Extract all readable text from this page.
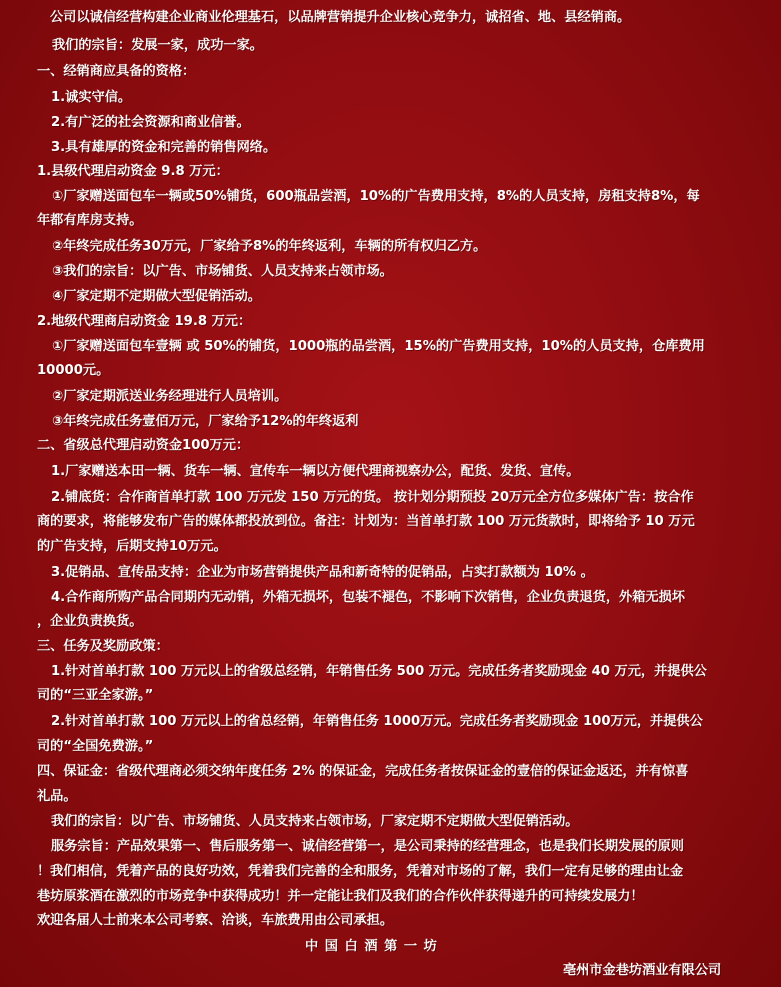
公司以诚信经营构建企业商业伦理基石，以品牌营销提升企业核心竞争力，诚招省、地、县经销商。
我们的宗旨：发展一家，成功一家。
一、经销商应具备的资格：
1.诚实守信。
2.有广泛的社会资源和商业信誉。
3.具有雄厚的资金和完善的销售网络。
1.县级代理启动资金 9.8 万元：
①厂家赠送面包车一辆或50%铺货，600瓶品尝酒，10%的广告费用支持，8%的人员支持，房租支持8%，每
年都有库房支持。
②年终完成任务30万元，厂家给予8%的年终返利，车辆的所有权归乙方。
③我们的宗旨：以广告、市场铺货、人员支持来占领市场。
④厂家定期不定期做大型促销活动。
2.地级代理商启动资金 19.8 万元：
①厂家赠送面包车壹辆 或 50%的铺货，1000瓶的品尝酒，15%的广告费用支持，10%的人员支持，仓库费用
10000元。
②厂家定期派送业务经理进行人员培训。
③年终完成任务壹佰万元，厂家给予12%的年终返利
二、省级总代理启动资金100万元：
1.厂家赠送本田一辆、货车一辆、宣传车一辆以方便代理商视察办公，配货、发货、宣传。
2.铺底货：合作商首单打款 100 万元发 150 万元的货。 按计划分期预投 20万元全方位多媒体广告：按合作
商的要求，将能够发布广告的媒体都投放到位。备注：计划为：当首单打款 100 万元货款时，即将给予 10 万元
的广告支持，后期支持10万元。
3.促销品、宣传品支持：企业为市场营销提供产品和新奇特的促销品，占实打款额为 10% 。
4.合作商所购产品合同期内无动销，外箱无损坏，包装不褪色，不影响下次销售，企业负责退货，外箱无损坏
，企业负责换货。
三、任务及奖励政策：
1.针对首单打款 100 万元以上的省级总经销，年销售任务 500 万元。完成任务者奖励现金 40 万元，并提供公
司的“三亚全家游。”
2.针对首单打款 100 万元以上的省总经销，年销售任务 1000万元。完成任务者奖励现金 100万元，并提供公
司的“全国免费游。”
四、保证金：省级代理商必须交纳年度任务 2% 的保证金，完成任务者按保证金的壹倍的保证金返还，并有惊喜
礼品。
我们的宗旨：以广告、市场铺货、人员支持来占领市场，厂家定期不定期做大型促销活动。
服务宗旨：产品效果第一、售后服务第一、诚信经营第一，是公司秉持的经营理念，也是我们长期发展的原则
！我们相信，凭着产品的良好功效，凭着我们完善的全和服务，凭着对市场的了解，我们一定有足够的理由让金
巷坊原浆酒在激烈的市场竞争中获得成功！并一定能让我们及我们的合作伙伴获得递升的可持续发展力！
欢迎各届人士前来本公司考察、洽谈，车旅费用由公司承担。
中 国 白 酒 第 一 坊
亳州市金巷坊酒业有限公司
